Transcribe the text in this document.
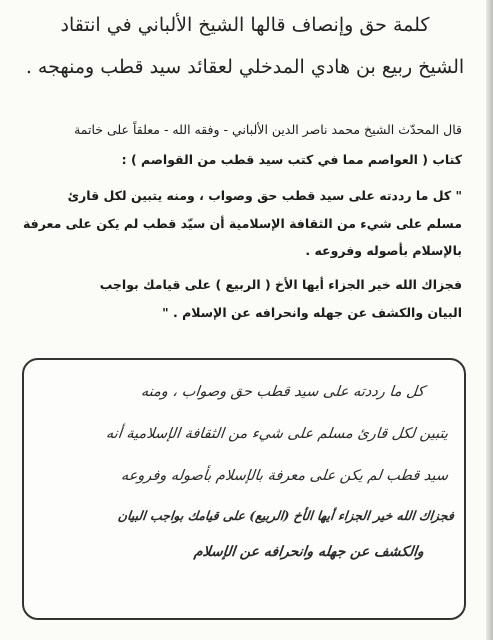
كلمة حق وإنصاف قالها الشيخ الألباني في انتقاد
الشيخ ربيع بن هادي المدخلي لعقائد سيد قطب ومنهجه .
قال المحدّث الشيخ محمد ناصر الدين الألباني - وفقه الله - معلقاً على خاتمة
كتاب ( العواصم مما في كتب سيد قطب من القواصم ) :
" كل ما رددته على سيد قطب حق وصواب ، ومنه يتبين لكل قارئ
مسلم على شيء من الثقافة الإسلامية أن سيّد قطب لم يكن على معرفة
بالإسلام بأصوله وفروعه .
فجزاك الله خير الجزاء أيها الأخ ( الربيع ) على قيامك بواجب
البيان والكشف عن جهله وانحرافه عن الإسلام . "
كل ما رددته على سيد قطب حق وصواب ، ومنه
يتبين لكل قارئ مسلم على شيء من الثقافة الإسلامية أنه
سيد قطب لم يكن على معرفة بالإسلام بأصوله وفروعه
فجزاك الله خير الجزاء أيها الأخ (الربيع) على قيامك بواجب البيان
والكشف عن جهله وانحرافه عن الإسلام
